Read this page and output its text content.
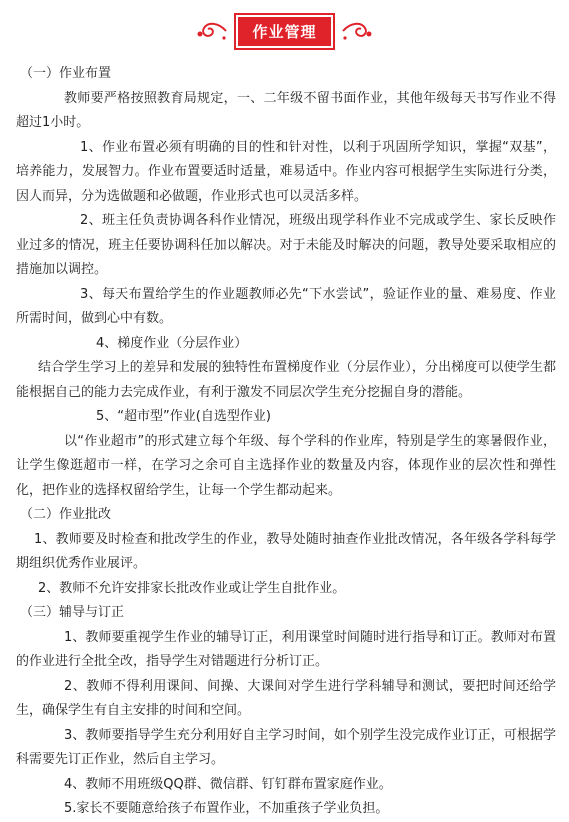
作业管理

（一）作业布置

教师要严格按照教育局规定，一、二年级不留书面作业，其他年级每天书写作业不得超过1小时。

1、作业布置必须有明确的目的性和针对性，以利于巩固所学知识，掌握“双基”，培养能力，发展智力。作业布置要适时适量，难易适中。作业内容可根据学生实际进行分类，因人而异，分为选做题和必做题，作业形式也可以灵活多样。

2、班主任负责协调各科作业情况，班级出现学科作业不完成或学生、家长反映作业过多的情况，班主任要协调科任加以解决。对于未能及时解决的问题，教导处要采取相应的措施加以调控。

3、每天布置给学生的作业题教师必先“下水尝试”，验证作业的量、难易度、作业所需时间，做到心中有数。

4、梯度作业（分层作业）

结合学生学习上的差异和发展的独特性布置梯度作业（分层作业），分出梯度可以使学生都能根据自己的能力去完成作业，有利于激发不同层次学生充分挖掘自身的潜能。

5、“超市型”作业(自选型作业)

以“作业超市”的形式建立每个年级、每个学科的作业库，特别是学生的寒暑假作业，让学生像逛超市一样，在学习之余可自主选择作业的数量及内容，体现作业的层次性和弹性化，把作业的选择权留给学生，让每一个学生都动起来。

（二）作业批改

1、教师要及时检查和批改学生的作业，教导处随时抽查作业批改情况，各年级各学科每学期组织优秀作业展评。

2、教师不允许安排家长批改作业或让学生自批作业。

（三）辅导与订正

1、教师要重视学生作业的辅导订正，利用课堂时间随时进行指导和订正。教师对布置的作业进行全批全改，指导学生对错题进行分析订正。

2、教师不得利用课间、间操、大课间对学生进行学科辅导和测试，要把时间还给学生，确保学生有自主安排的时间和空间。

3、教师要指导学生充分利用好自主学习时间，如个别学生没完成作业订正，可根据学科需要先订正作业，然后自主学习。

4、教师不用班级QQ群、微信群、钉钉群布置家庭作业。

5.家长不要随意给孩子布置作业，不加重孩子学业负担。
